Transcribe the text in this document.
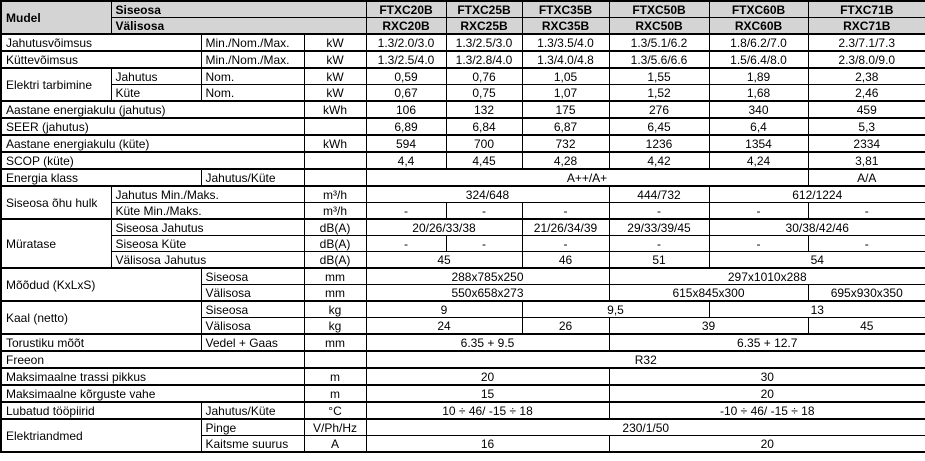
Mudel	Siseosa			FTXC20B	FTXC25B	FTXC35B	FTXC50B	FTXC60B	FTXC71B
	Välisosa			RXC20B	RXC25B	RXC35B	RXC50B	RXC60B	RXC71B
Jahutusvõimsus		Min./Nom./Max.	kW	1.3/2.0/3.0	1.3/2.5/3.0	1.3/3.5/4.0	1.3/5.1/6.2	1.8/6.2/7.0	2.3/7.1/7.3
Küttevõimsus		Min./Nom./Max.	kW	1.3/2.5/4.0	1.3/2.8/4.0	1.3/4.0/4.8	1.3/5.6/6.6	1.5/6.4/8.0	2.3/8.0/9.0
Elektri tarbimine	Jahutus	Nom.	kW	0,59	0,76	1,05	1,55	1,89	2,38
	Küte	Nom.	kW	0,67	0,75	1,07	1,52	1,68	2,46
Aastane energiakulu (jahutus)			kWh	106	132	175	276	340	459
SEER (jahutus)				6,89	6,84	6,87	6,45	6,4	5,3
Aastane energiakulu (küte)			kWh	594	700	732	1236	1354	2334
SCOP (küte)				4,4	4,45	4,28	4,42	4,24	3,81
Energia klass		Jahutus/Küte		A++/A+					A/A
Siseosa õhu hulk	Jahutus Min./Maks.		m³/h	324/648			444/732	612/1224	
	Küte Min./Maks.		m³/h	-	-	-	-	-	-
Müratase	Siseosa Jahutus		dB(A)	20/26/33/38		21/26/34/39	29/33/39/45	30/38/42/46	
	Siseosa Küte		dB(A)	-	-	-	-	-	-
	Välisosa Jahutus		dB(A)	45		46	51	54	
Mõõdud (KxLxS)		Siseosa	mm	288x785x250			297x1010x288		
		Välisosa	mm	550x658x273			615x845x300		695x930x350
Kaal (netto)		Siseosa	kg	9		9,5		13	
		Välisosa	kg	24		26	39		45
Torustiku mõõt		Vedel + Gaas	mm	6.35 + 9.5			6.35 + 12.7		
Freeon				R32					
Maksimaalne trassi pikkus			m	20			30		
Maksimaalne kõrguste vahe			m	15			20		
Lubatud tööpiirid		Jahutus/Küte	°C	10 ÷ 46/ -15 ÷ 18			-10 ÷ 46/ -15 ÷ 18		
Elektriandmed		Pinge	V/Ph/Hz	230/1/50					
		Kaitsme suurus	A	16			20		
